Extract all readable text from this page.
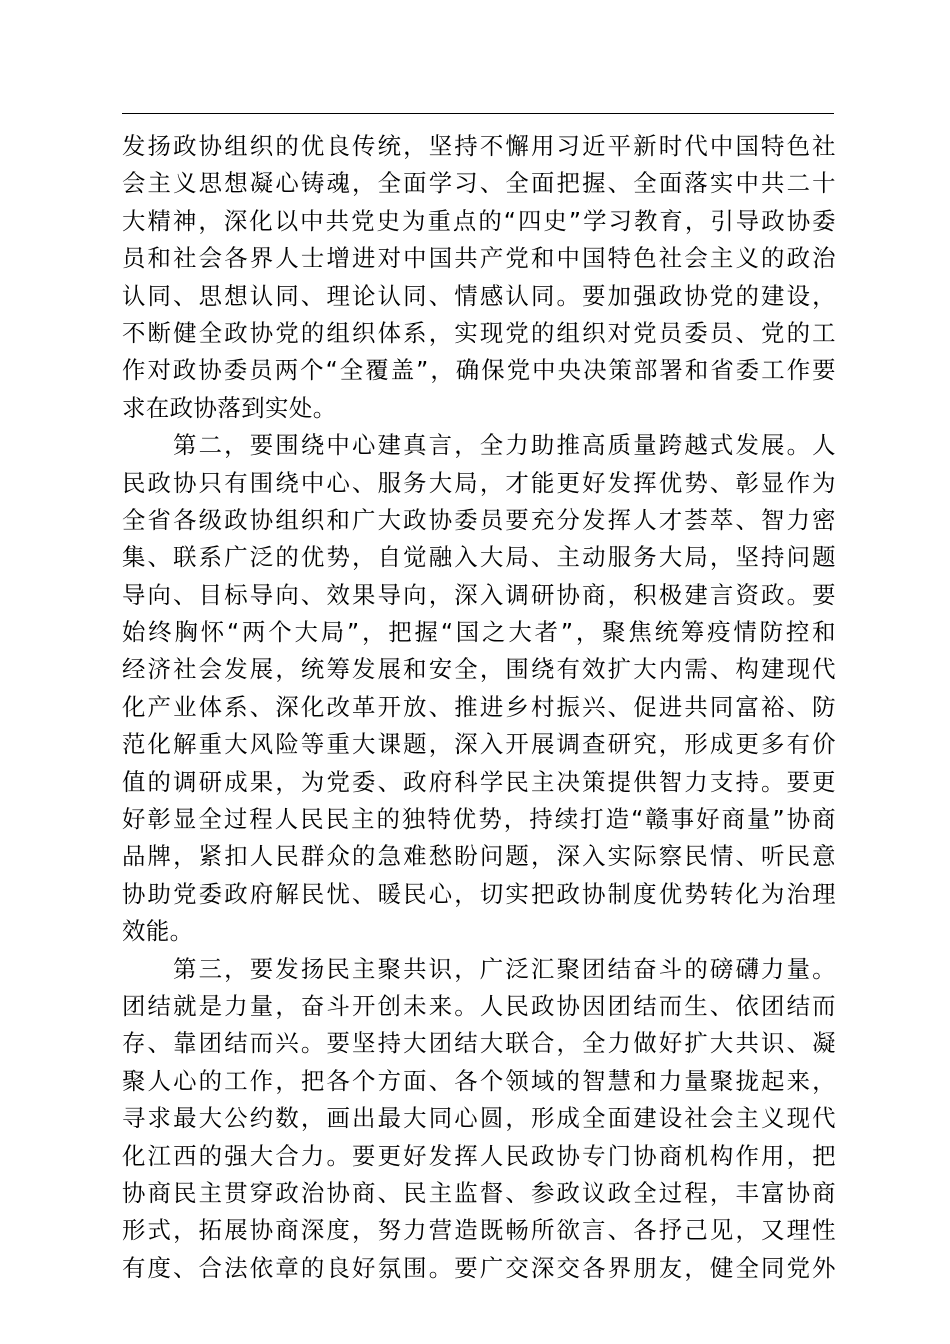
发扬政协组织的优良传统，坚持不懈用习近平新时代中国特色社
会主义思想凝心铸魂，全面学习、全面把握、全面落实中共二十
大精神，深化以中共党史为重点的“四史”学习教育，引导政协委
员和社会各界人士增进对中国共产党和中国特色社会主义的政治
认同、思想认同、理论认同、情感认同。要加强政协党的建设，
不断健全政协党的组织体系，实现党的组织对党员委员、党的工
作对政协委员两个“全覆盖”，确保党中央决策部署和省委工作要
求在政协落到实处。
第二，要围绕中心建真言，全力助推高质量跨越式发展。人
民政协只有围绕中心、服务大局，才能更好发挥优势、彰显作为
全省各级政协组织和广大政协委员要充分发挥人才荟萃、智力密
集、联系广泛的优势，自觉融入大局、主动服务大局，坚持问题
导向、目标导向、效果导向，深入调研协商，积极建言资政。要
始终胸怀“两个大局”，把握“国之大者”，聚焦统筹疫情防控和
经济社会发展，统筹发展和安全，围绕有效扩大内需、构建现代
化产业体系、深化改革开放、推进乡村振兴、促进共同富裕、防
范化解重大风险等重大课题，深入开展调查研究，形成更多有价
值的调研成果，为党委、政府科学民主决策提供智力支持。要更
好彰显全过程人民民主的独特优势，持续打造“赣事好商量”协商
品牌，紧扣人民群众的急难愁盼问题，深入实际察民情、听民意
协助党委政府解民忧、暖民心，切实把政协制度优势转化为治理
效能。
第三，要发扬民主聚共识，广泛汇聚团结奋斗的磅礴力量。
团结就是力量，奋斗开创未来。人民政协因团结而生、依团结而
存、靠团结而兴。要坚持大团结大联合，全力做好扩大共识、凝
聚人心的工作，把各个方面、各个领域的智慧和力量聚拢起来，
寻求最大公约数，画出最大同心圆，形成全面建设社会主义现代
化江西的强大合力。要更好发挥人民政协专门协商机构作用，把
协商民主贯穿政治协商、民主监督、参政议政全过程，丰富协商
形式，拓展协商深度，努力营造既畅所欲言、各抒己见，又理性
有度、合法依章的良好氛围。要广交深交各界朋友，健全同党外
